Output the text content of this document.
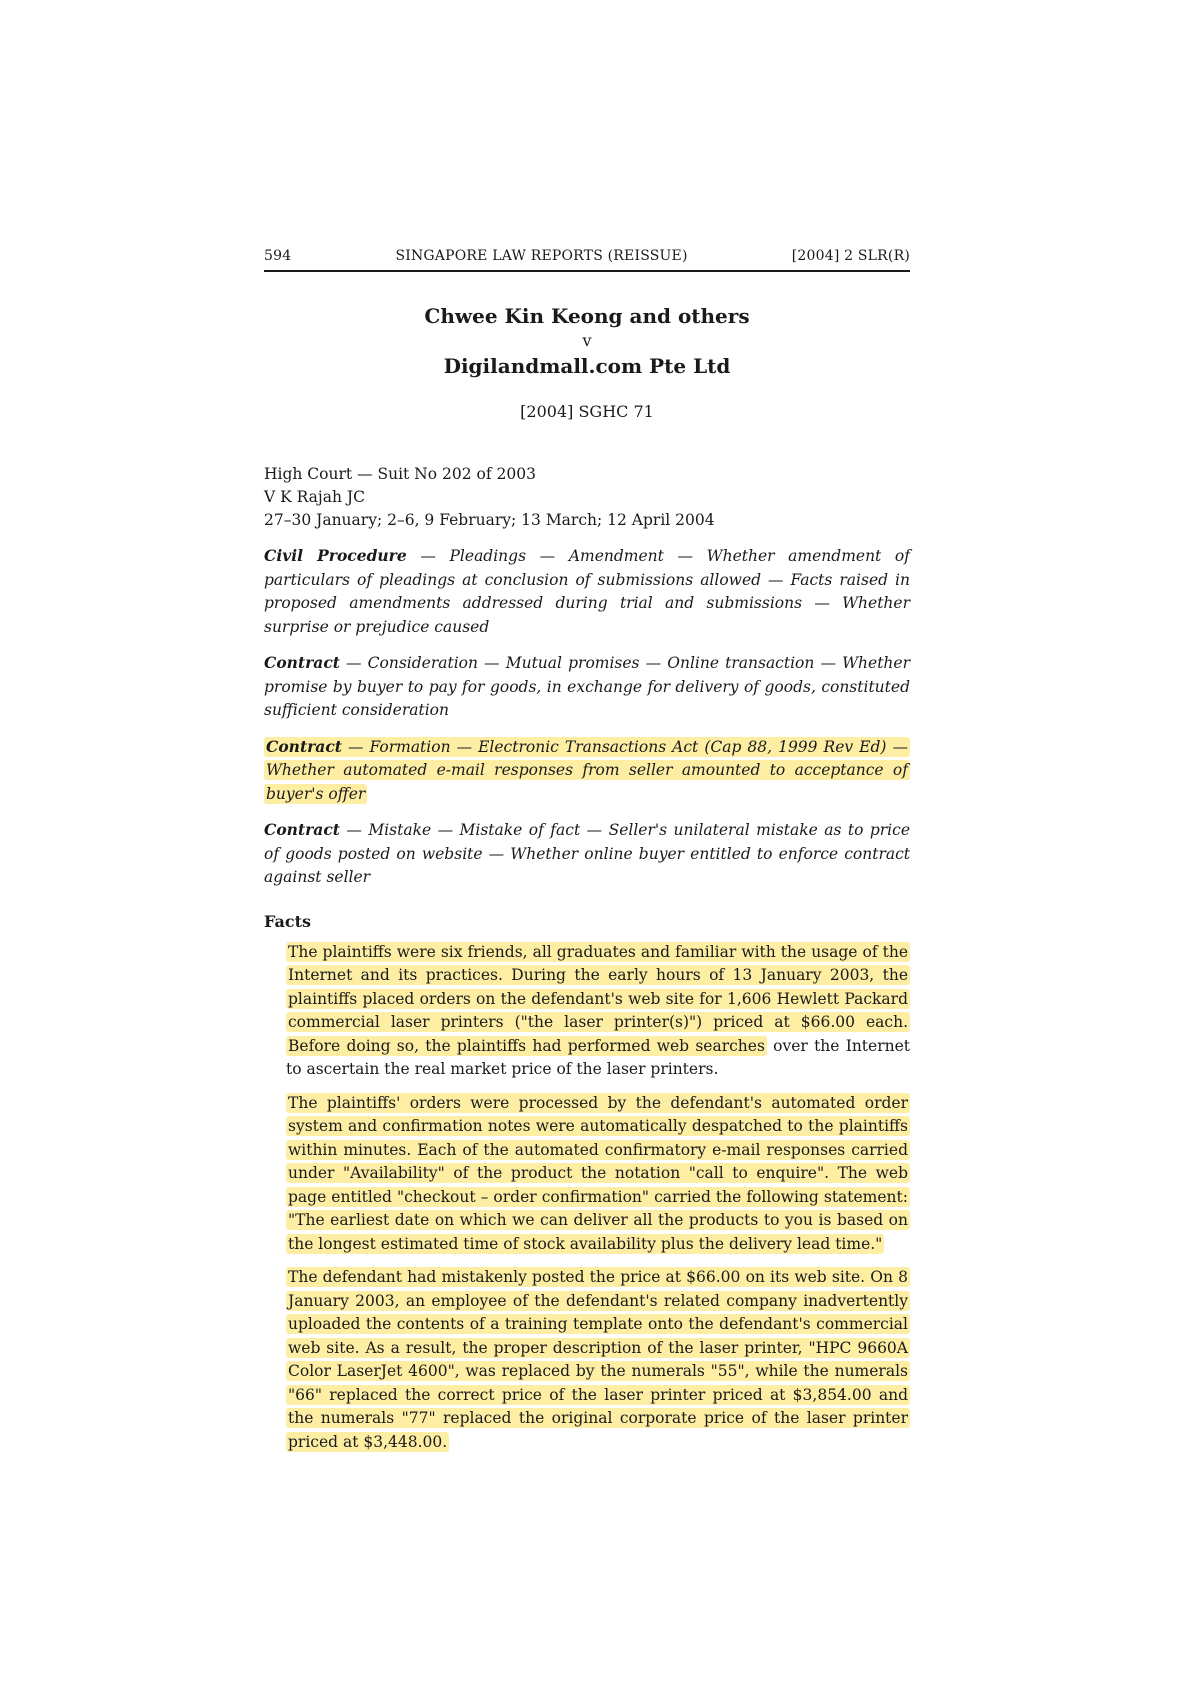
594	SINGAPORE LAW REPORTS (REISSUE)	[2004] 2 SLR(R)
Chwee Kin Keong and others
v
Digilandmall.com Pte Ltd
[2004] SGHC 71
High Court — Suit No 202 of 2003
V K Rajah JC
27–30 January; 2–6, 9 February; 13 March; 12 April 2004
Civil Procedure — Pleadings — Amendment — Whether amendment of particulars of pleadings at conclusion of submissions allowed — Facts raised in proposed amendments addressed during trial and submissions — Whether surprise or prejudice caused
Contract — Consideration — Mutual promises — Online transaction — Whether promise by buyer to pay for goods, in exchange for delivery of goods, constituted sufficient consideration
Contract — Formation — Electronic Transactions Act (Cap 88, 1999 Rev Ed) — Whether automated e-mail responses from seller amounted to acceptance of buyer's offer
Contract — Mistake — Mistake of fact — Seller's unilateral mistake as to price of goods posted on website — Whether online buyer entitled to enforce contract against seller
Facts

The plaintiffs were six friends, all graduates and familiar with the usage of the Internet and its practices. During the early hours of 13 January 2003, the plaintiffs placed orders on the defendant's web site for 1,606 Hewlett Packard commercial laser printers ("the laser printer(s)") priced at $66.00 each. Before doing so, the plaintiffs had performed web searches over the Internet to ascertain the real market price of the laser printers.

The plaintiffs' orders were processed by the defendant's automated order system and confirmation notes were automatically despatched to the plaintiffs within minutes. Each of the automated confirmatory e-mail responses carried under "Availability" of the product the notation "call to enquire". The web page entitled "checkout – order confirmation" carried the following statement: "The earliest date on which we can deliver all the products to you is based on the longest estimated time of stock availability plus the delivery lead time."

The defendant had mistakenly posted the price at $66.00 on its web site. On 8 January 2003, an employee of the defendant's related company inadvertently uploaded the contents of a training template onto the defendant's commercial web site. As a result, the proper description of the laser printer, "HPC 9660A Color LaserJet 4600", was replaced by the numerals "55", while the numerals "66" replaced the correct price of the laser printer priced at $3,854.00 and the numerals "77" replaced the original corporate price of the laser printer priced at $3,448.00.
